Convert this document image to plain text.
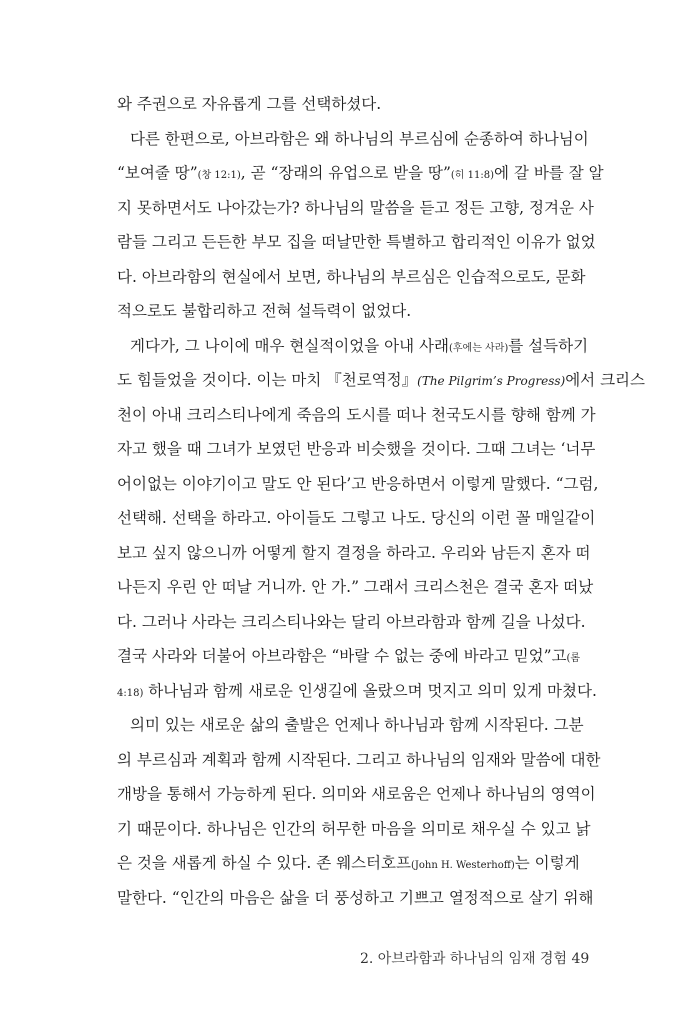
와 주권으로 자유롭게 그를 선택하셨다.
다른 한편으로, 아브라함은 왜 하나님의 부르심에 순종하여 하나님이
“보여줄 땅”(창 12:1), 곧 “장래의 유업으로 받을 땅”(히 11:8)에 갈 바를 잘 알
지 못하면서도 나아갔는가? 하나님의 말씀을 듣고 정든 고향, 정겨운 사
람들 그리고 든든한 부모 집을 떠날만한 특별하고 합리적인 이유가 없었
다. 아브라함의 현실에서 보면, 하나님의 부르심은 인습적으로도, 문화
적으로도 불합리하고 전혀 설득력이 없었다.
게다가, 그 나이에 매우 현실적이었을 아내 사래(후에는 사라)를 설득하기
도 힘들었을 것이다. 이는 마치 『천로역정』(The Pilgrim’s Progress)에서 크리스
천이 아내 크리스티나에게 죽음의 도시를 떠나 천국도시를 향해 함께 가
자고 했을 때 그녀가 보였던 반응과 비슷했을 것이다. 그때 그녀는 ‘너무
어이없는 이야기이고 말도 안 된다’고 반응하면서 이렇게 말했다. “그럼,
선택해. 선택을 하라고. 아이들도 그렇고 나도. 당신의 이런 꼴 매일같이
보고 싶지 않으니까 어떻게 할지 결정을 하라고. 우리와 남든지 혼자 떠
나든지 우린 안 떠날 거니까. 안 가.” 그래서 크리스천은 결국 혼자 떠났
다. 그러나 사라는 크리스티나와는 달리 아브라함과 함께 길을 나섰다.
결국 사라와 더불어 아브라함은 “바랄 수 없는 중에 바라고 믿었”고(롬
4:18) 하나님과 함께 새로운 인생길에 올랐으며 멋지고 의미 있게 마쳤다.
의미 있는 새로운 삶의 출발은 언제나 하나님과 함께 시작된다. 그분
의 부르심과 계획과 함께 시작된다. 그리고 하나님의 임재와 말씀에 대한
개방을 통해서 가능하게 된다. 의미와 새로움은 언제나 하나님의 영역이
기 때문이다. 하나님은 인간의 허무한 마음을 의미로 채우실 수 있고 낡
은 것을 새롭게 하실 수 있다. 존 웨스터호프(John H. Westerhoff)는 이렇게
말한다. “인간의 마음은 삶을 더 풍성하고 기쁘고 열정적으로 살기 위해
2. 아브라함과 하나님의 임재 경험 49
